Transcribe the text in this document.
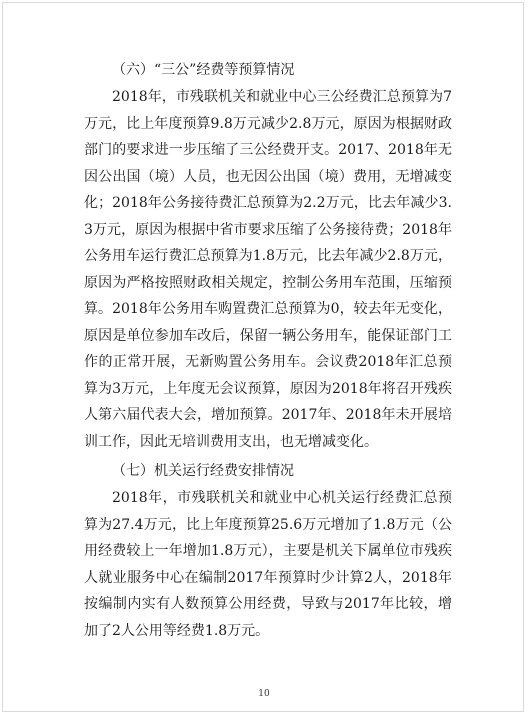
（六）“三公”经费等预算情况

2018年，市残联机关和就业中心三公经费汇总预算为7万元，比上年度预算9.8万元减少2.8万元，原因为根据财政部门的要求进一步压缩了三公经费开支。2017、2018年无因公出国（境）人员，也无因公出国（境）费用，无增减变化；2018年公务接待费汇总预算为2.2万元，比去年减少3.3万元，原因为根据中省市要求压缩了公务接待费；2018年公务用车运行费汇总预算为1.8万元，比去年减少2.8万元，原因为严格按照财政相关规定，控制公务用车范围，压缩预算。2018年公务用车购置费汇总预算为0，较去年无变化，原因是单位参加车改后，保留一辆公务用车，能保证部门工作的正常开展，无新购置公务用车。会议费2018年汇总预算为3万元，上年度无会议预算，原因为2018年将召开残疾人第六届代表大会，增加预算。2017年、2018年未开展培训工作，因此无培训费用支出，也无增减变化。

（七）机关运行经费安排情况

2018年，市残联机关和就业中心机关运行经费汇总预算为27.4万元，比上年度预算25.6万元增加了1.8万元（公用经费较上一年增加1.8万元），主要是机关下属单位市残疾人就业服务中心在编制2017年预算时少计算2人，2018年按编制内实有人数预算公用经费，导致与2017年比较，增加了2人公用等经费1.8万元。

10
